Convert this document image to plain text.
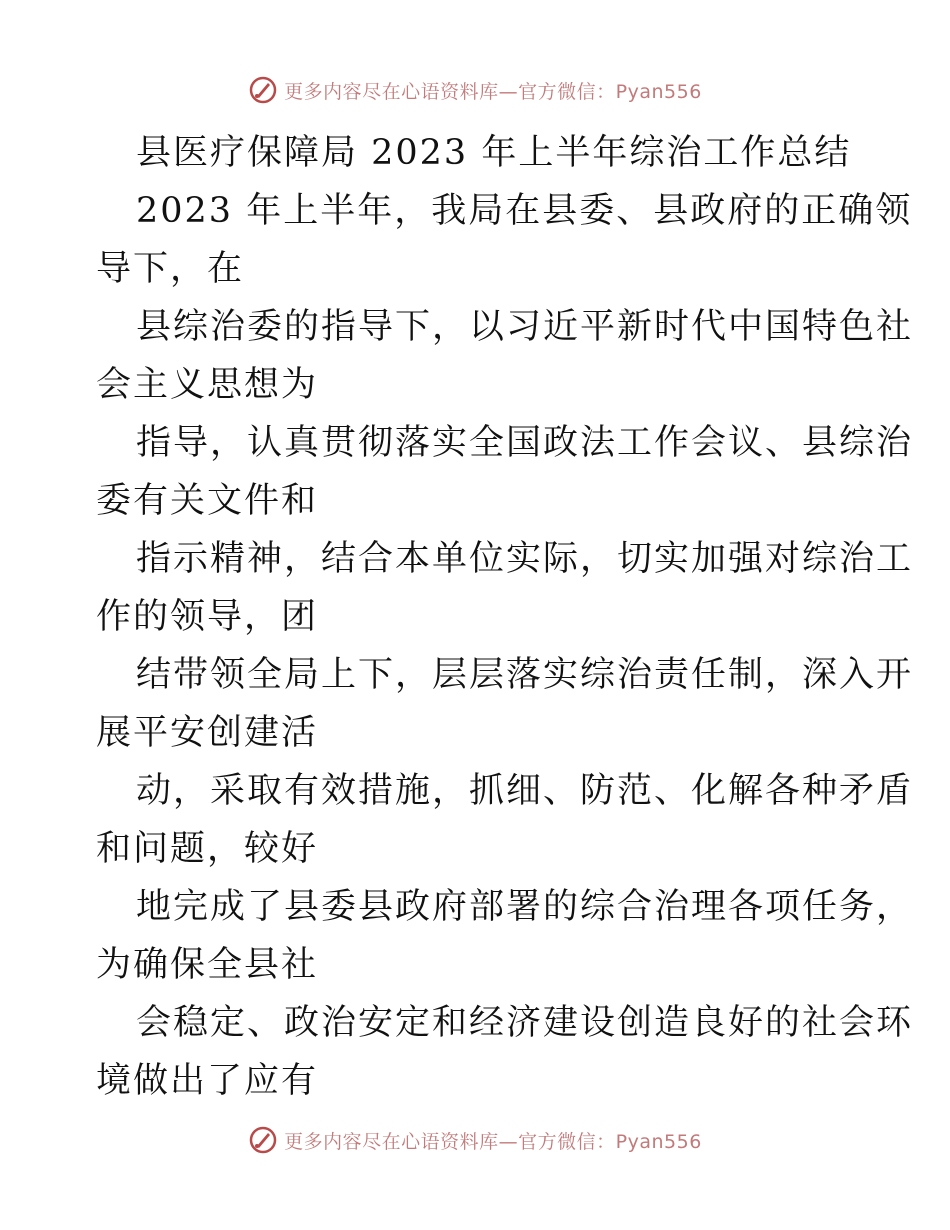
更多内容尽在心语资料库—官方微信：Pyan556
县医疗保障局 2023 年上半年综治工作总结
2023 年上半年，我局在县委、县政府的正确领
导下，在
县综治委的指导下，以习近平新时代中国特色社
会主义思想为
指导，认真贯彻落实全国政法工作会议、县综治
委有关文件和
指示精神，结合本单位实际，切实加强对综治工
作的领导，团
结带领全局上下，层层落实综治责任制，深入开
展平安创建活
动，采取有效措施，抓细、防范、化解各种矛盾
和问题，较好
地完成了县委县政府部署的综合治理各项任务，
为确保全县社
会稳定、政治安定和经济建设创造良好的社会环
境做出了应有
更多内容尽在心语资料库—官方微信：Pyan556
